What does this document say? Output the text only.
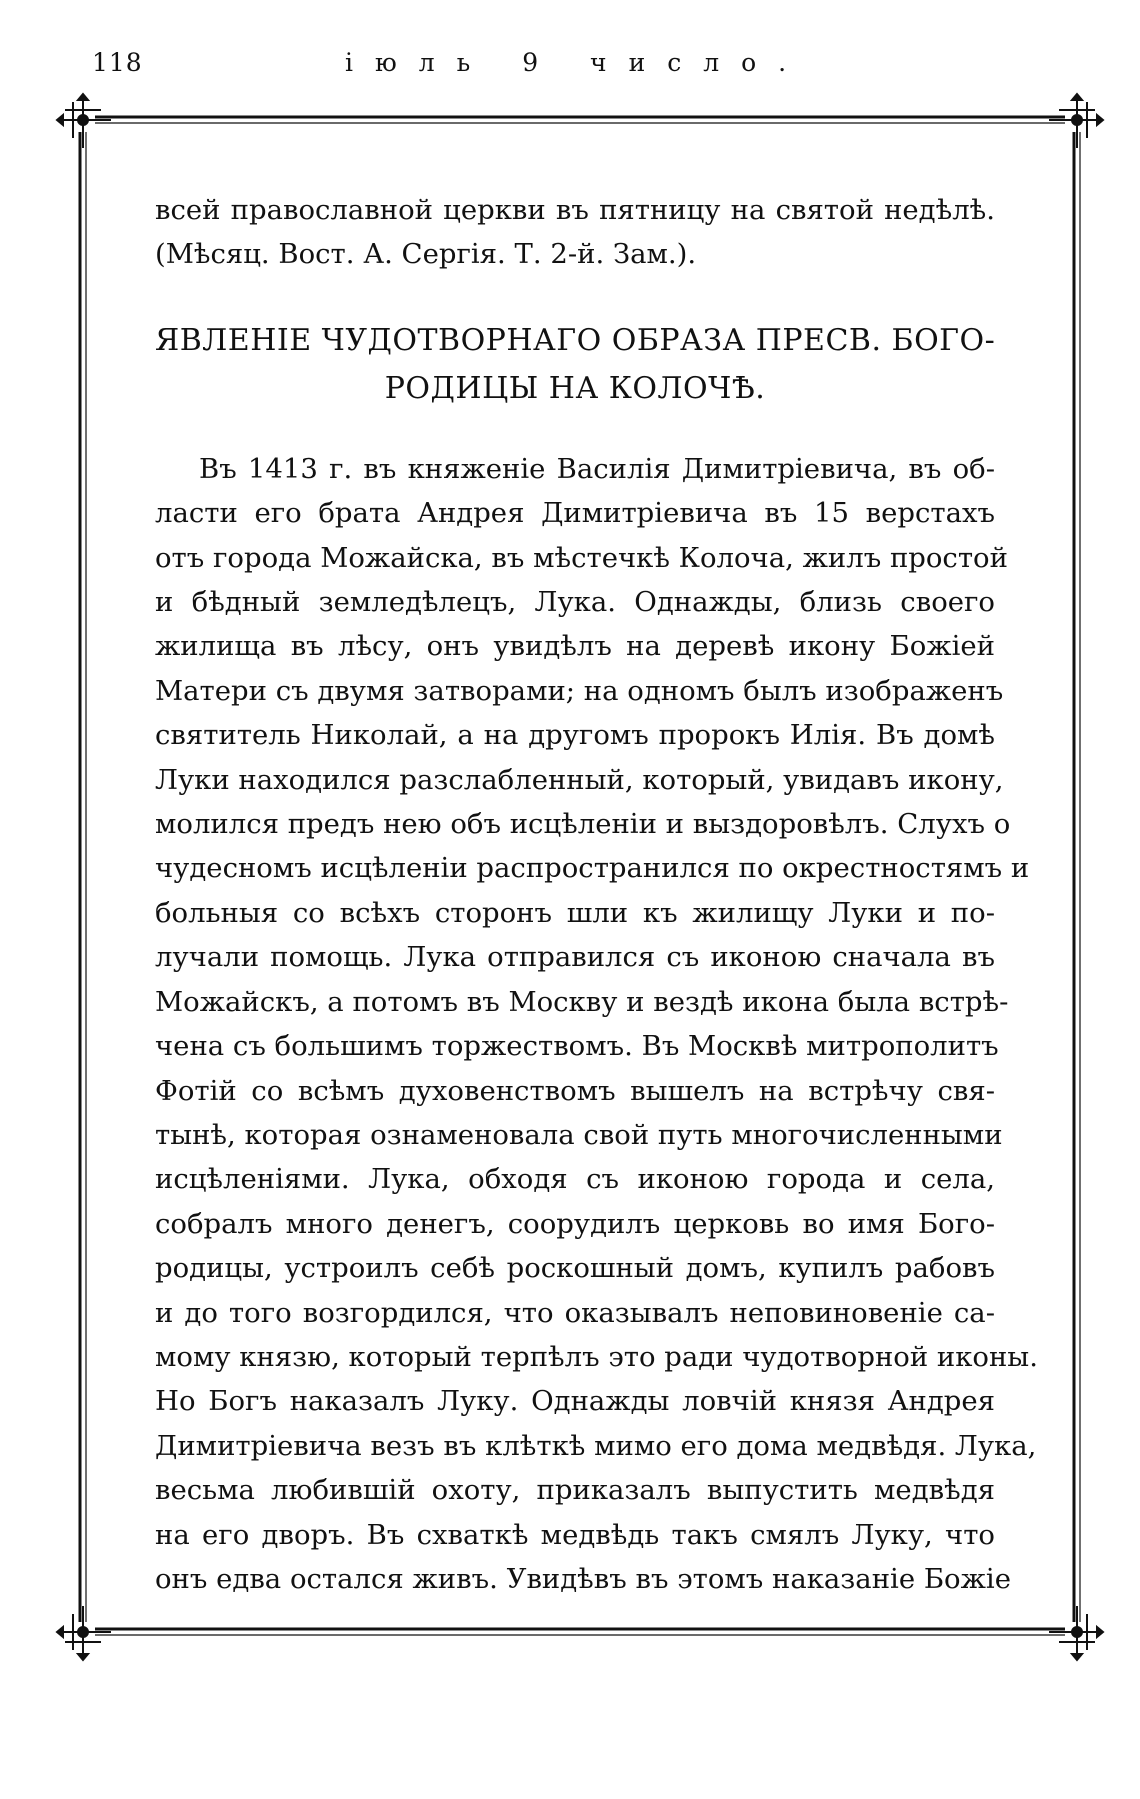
118	іюль 9 число.
всей православной церкви въ пятницу на святой недѣлѣ.
(Мѣсяц. Вост. А. Сергія. Т. 2-й. Зам.).
ЯВЛЕНІЕ ЧУДОТВОРНАГО ОБРАЗА ПРЕСВ. БОГО-
РОДИЦЫ НА КОЛОЧѢ.
Въ 1413 г. въ княженіе Василія Димитріевича, въ об-
ласти его брата Андрея Димитріевича въ 15 верстахъ
отъ города Можайска, въ мѣстечкѣ Колоча, жилъ простой
и бѣдный земледѣлецъ, Лука. Однажды, близь своего
жилища въ лѣсу, онъ увидѣлъ на деревѣ икону Божіей
Матери съ двумя затворами; на одномъ былъ изображенъ
святитель Николай, а на другомъ пророкъ Илія. Въ домѣ
Луки находился разслабленный, который, увидавъ икону,
молился предъ нею объ исцѣленіи и выздоровѣлъ. Слухъ о
чудесномъ исцѣленіи распространился по окрестностямъ и
больныя со всѣхъ сторонъ шли къ жилищу Луки и по-
лучали помощь. Лука отправился съ иконою сначала въ
Можайскъ, а потомъ въ Москву и вездѣ икона была встрѣ-
чена съ большимъ торжествомъ. Въ Москвѣ митрополитъ
Фотій со всѣмъ духовенствомъ вышелъ на встрѣчу свя-
тынѣ, которая ознаменовала свой путь многочисленными
исцѣленіями. Лука, обходя съ иконою города и села,
собралъ много денегъ, соорудилъ церковь во имя Бого-
родицы, устроилъ себѣ роскошный домъ, купилъ рабовъ
и до того возгордился, что оказывалъ неповиновеніе са-
мому князю, который терпѣлъ это ради чудотворной иконы.
Но Богъ наказалъ Луку. Однажды ловчій князя Андрея
Димитріевича везъ въ клѣткѣ мимо его дома медвѣдя. Лука,
весьма любившій охоту, приказалъ выпустить медвѣдя
на его дворъ. Въ схваткѣ медвѣдь такъ смялъ Луку, что
онъ едва остался живъ. Увидѣвъ въ этомъ наказаніе Божіе
